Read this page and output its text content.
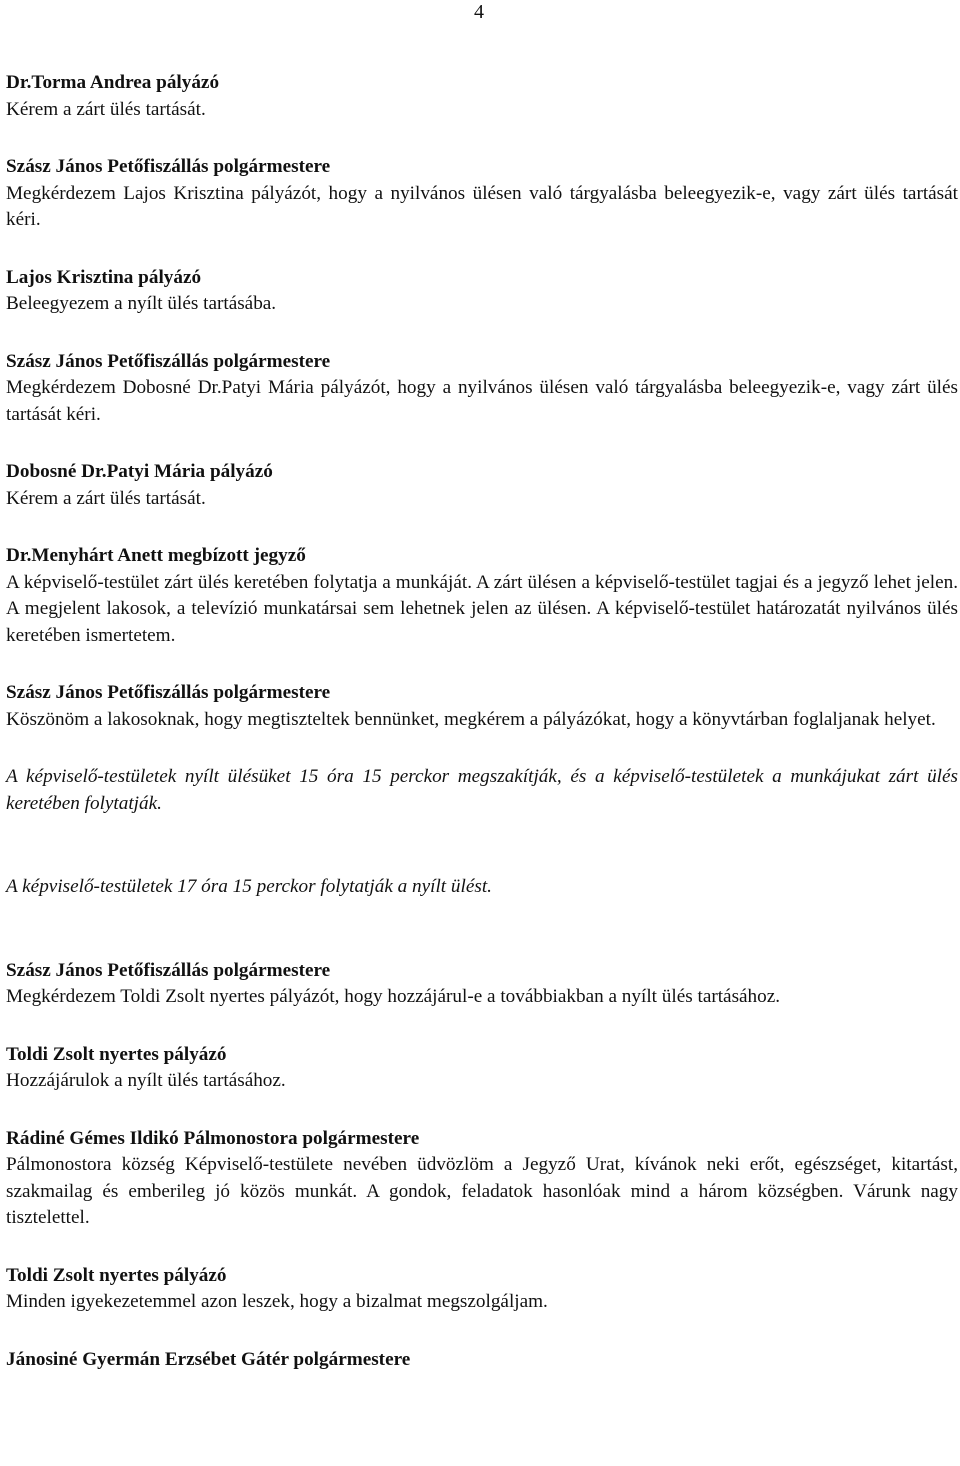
4

Dr.Torma Andrea pályázó

Kérem a zárt ülés tartását.

Szász János Petőfiszállás polgármestere

Megkérdezem Lajos Krisztina pályázót, hogy a nyilvános ülésen való tárgyalásba beleegyezik-e, vagy zárt ülés tartását kéri.

Lajos Krisztina pályázó

Beleegyezem a nyílt ülés tartásába.

Szász János Petőfiszállás polgármestere

Megkérdezem Dobosné Dr.Patyi Mária pályázót, hogy a nyilvános ülésen való tárgyalásba beleegyezik-e, vagy zárt ülés tartását kéri.

Dobosné Dr.Patyi Mária pályázó

Kérem a zárt ülés tartását.

Dr.Menyhárt Anett megbízott jegyző

A képviselő-testület zárt ülés keretében folytatja a munkáját. A zárt ülésen a képviselő-testület tagjai és a jegyző lehet jelen. A megjelent lakosok, a televízió munkatársai sem lehetnek jelen az ülésen. A képviselő-testület határozatát nyilvános ülés keretében ismertetem.

Szász János Petőfiszállás polgármestere

Köszönöm a lakosoknak, hogy megtiszteltek bennünket, megkérem a pályázókat, hogy a könyvtárban foglaljanak helyet.

A képviselő-testületek nyílt ülésüket 15 óra 15 perckor megszakítják, és a képviselő-testületek a munkájukat zárt ülés keretében folytatják.

A képviselő-testületek 17 óra 15 perckor folytatják a nyílt ülést.

Szász János Petőfiszállás polgármestere

Megkérdezem Toldi Zsolt nyertes pályázót, hogy hozzájárul-e a továbbiakban a nyílt ülés tartásához.

Toldi Zsolt nyertes pályázó

Hozzájárulok a nyílt ülés tartásához.

Rádiné Gémes Ildikó Pálmonostora polgármestere

Pálmonostora község Képviselő-testülete nevében üdvözlöm a Jegyző Urat, kívánok neki erőt, egészséget, kitartást, szakmailag és emberileg jó közös munkát. A gondok, feladatok hasonlóak mind a három községben. Várunk nagy tisztelettel.

Toldi Zsolt nyertes pályázó

Minden igyekezetemmel azon leszek, hogy a bizalmat megszolgáljam.

Jánosiné Gyermán Erzsébet Gátér polgármestere
